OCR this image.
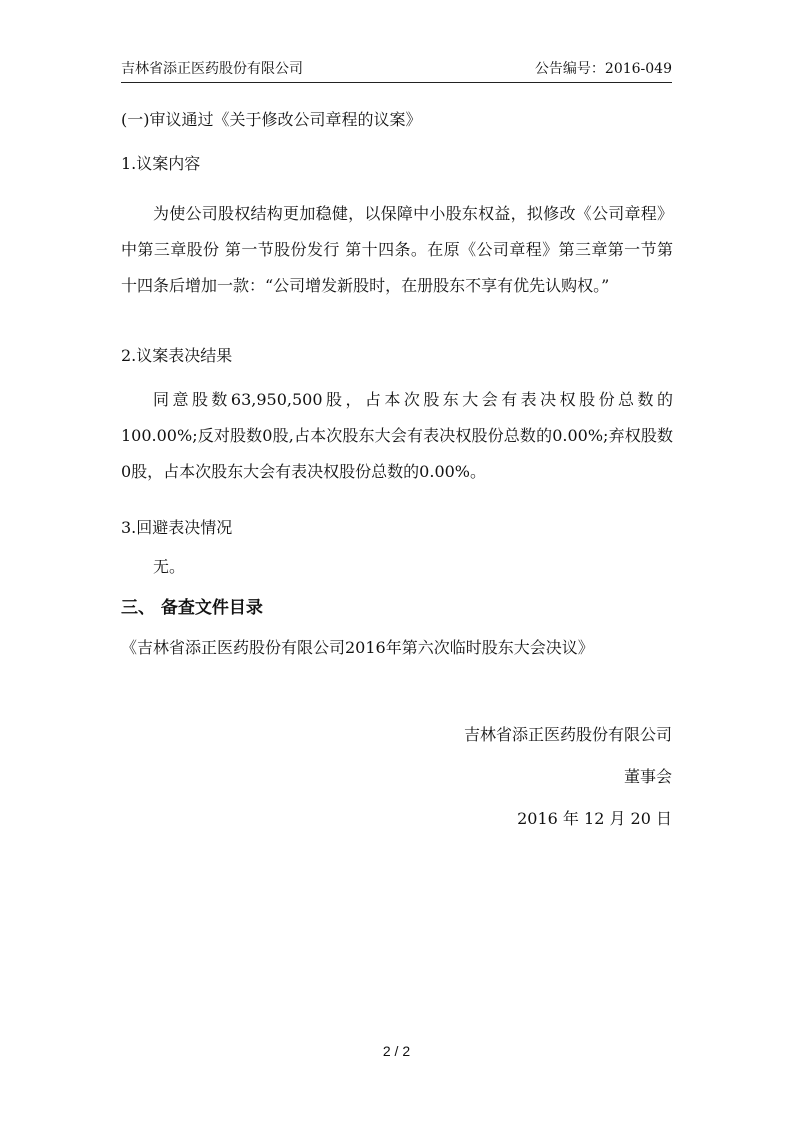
吉林省添正医药股份有限公司	公告编号：2016-049
(一)审议通过《关于修改公司章程的议案》
1.议案内容
为使公司股权结构更加稳健，以保障中小股东权益，拟修改《公司章程》中第三章股份 第一节股份发行 第十四条。在原《公司章程》第三章第一节第十四条后增加一款：“公司增发新股时，在册股东不享有优先认购权。”
2.议案表决结果
同意股数63,950,500股，占本次股东大会有表决权股份总数的100.00%;反对股数0股,占本次股东大会有表决权股份总数的0.00%;弃权股数0股，占本次股东大会有表决权股份总数的0.00%。
3.回避表决情况
无。
三、 备查文件目录
《吉林省添正医药股份有限公司2016年第六次临时股东大会决议》
吉林省添正医药股份有限公司
董事会
2016 年 12 月 20 日
2 / 2
